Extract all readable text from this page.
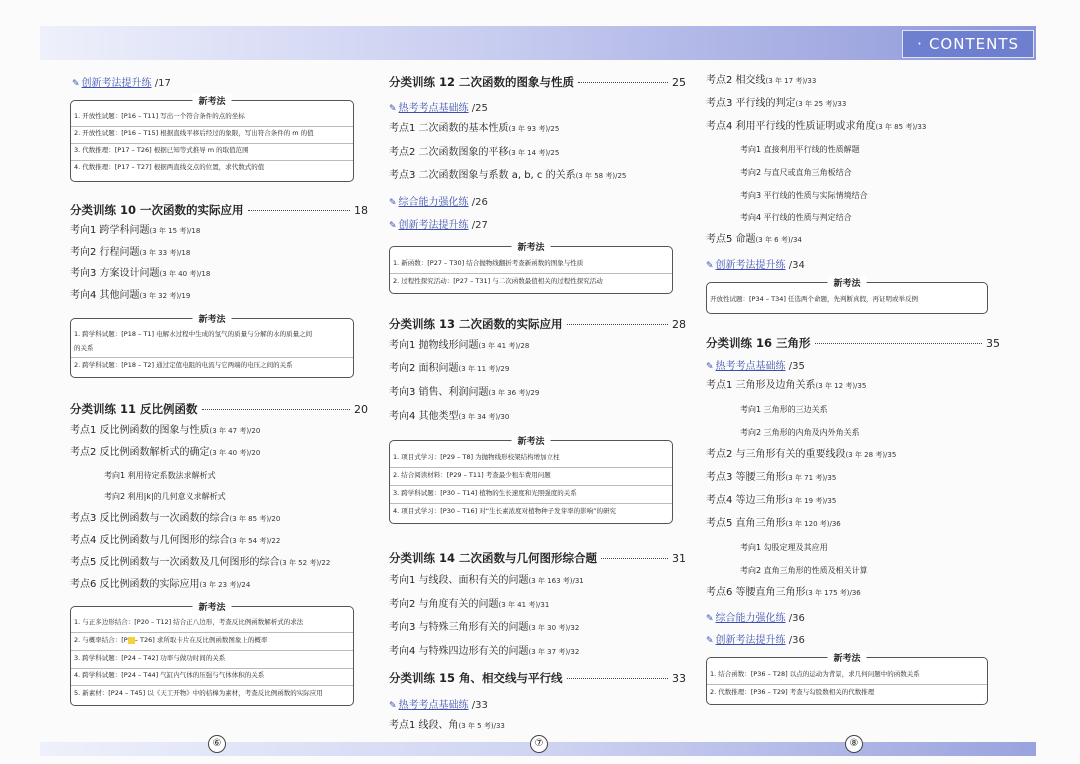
· CONTENTS
✎ 创新考法提升练 /17
新考法
1. 开放性试题：[P16 – T11] 写出一个符合条件的点的坐标
2. 开放性试题：[P16 – T15] 根据直线平移后经过的象限，写出符合条件的 m 的值
3. 代数推理：[P17 – T26] 根据已知等式推导 m 的取值范围
4. 代数推理：[P17 – T27] 根据两直线交点的位置，求代数式的值
分类训练 10 一次函数的实际应用	18
考向1 跨学科问题(3 年 15 考)/18
考向2 行程问题(3 年 33 考)/18
考向3 方案设计问题(3 年 40 考)/18
考向4 其他问题(3 年 32 考)/19
新考法
1. 跨学科试题：[P18 – T1] 电解水过程中生成的氢气的质量与分解的水的质量之间
的关系
2. 跨学科试题：[P18 – T2] 通过定值电阻的电流与它两端的电压之间的关系
分类训练 11 反比例函数	20
考点1 反比例函数的图象与性质(3 年 47 考)/20
考点2 反比例函数解析式的确定(3 年 40 考)/20
考向1 利用待定系数法求解析式
考向2 利用|k|的几何意义求解析式
考点3 反比例函数与一次函数的综合(3 年 85 考)/20
考点4 反比例函数与几何图形的综合(3 年 54 考)/22
考点5 反比例函数与一次函数及几何图形的综合(3 年 52 考)/22
考点6 反比例函数的实际应用(3 年 23 考)/24
新考法
1. 与正多边形结合：[P20 – T12] 结合正八边形，考查反比例函数解析式的求法
2. 与概率结合：[P – T26] 求所取卡片在反比例函数图象上的概率
3. 跨学科试题：[P24 – T42] 功率与做功时间的关系
4. 跨学科试题：[P24 – T44] 气缸内气体的压强与气体体积的关系
5. 新素材：[P24 – T45] 以《天工开物》中的桔槔为素材，考查反比例函数的实际应用
分类训练 12 二次函数的图象与性质	25
✎ 热考考点基础练 /25
考点1 二次函数的基本性质(3 年 93 考)/25
考点2 二次函数图象的平移(3 年 14 考)/25
考点3 二次函数图象与系数 a, b, c 的关系(3 年 58 考)/25
✎ 综合能力强化练 /26
✎ 创新考法提升练 /27
新考法
1. 新函数：[P27 – T30] 结合抛物线翻折考查新函数的图象与性质
2. 过程性探究活动：[P27 – T31] 与二次函数最值相关的过程性探究活动
分类训练 13 二次函数的实际应用	28
考向1 抛物线形问题(3 年 41 考)/28
考向2 面积问题(3 年 11 考)/29
考向3 销售、利润问题(3 年 36 考)/29
考向4 其他类型(3 年 34 考)/30
新考法
1. 项目式学习：[P29 – T8] 为抛物线形校架结构增加立柱
2. 结合阅读材料：[P29 – T11] 考查最少租车费用问题
3. 跨学科试题：[P30 – T14] 植物的生长速度和光照强度的关系
4. 项目式学习：[P30 – T16] 对“生长素浓度对植物种子发芽率的影响”的研究
分类训练 14 二次函数与几何图形综合题	31
考向1 与线段、面积有关的问题(3 年 163 考)/31
考向2 与角度有关的问题(3 年 41 考)/31
考向3 与特殊三角形有关的问题(3 年 30 考)/32
考向4 与特殊四边形有关的问题(3 年 37 考)/32
分类训练 15 角、相交线与平行线	33
✎ 热考考点基础练 /33
考点1 线段、角(3 年 5 考)/33
考点2 相交线(3 年 17 考)/33
考点3 平行线的判定(3 年 25 考)/33
考点4 利用平行线的性质证明或求角度(3 年 85 考)/33
考向1 直接利用平行线的性质解题
考向2 与直尺或直角三角板结合
考向3 平行线的性质与实际情境结合
考向4 平行线的性质与判定结合
考点5 命题(3 年 6 考)/34
✎ 创新考法提升练 /34
新考法
开放性试题：[P34 – T34] 任选两个命题，先判断真假，再证明或举反例
分类训练 16 三角形	35
✎ 热考考点基础练 /35
考点1 三角形及边角关系(3 年 12 考)/35
考向1 三角形的三边关系
考向2 三角形的内角及内外角关系
考点2 与三角形有关的重要线段(3 年 28 考)/35
考点3 等腰三角形(3 年 71 考)/35
考点4 等边三角形(3 年 19 考)/35
考点5 直角三角形(3 年 120 考)/36
考向1 勾股定理及其应用
考向2 直角三角形的性质及相关计算
考点6 等腰直角三角形(3 年 175 考)/36
✎ 综合能力强化练 /36
✎ 创新考法提升练 /36
新考法
1. 结合函数：[P36 – T28] 以点的运动为背景，求几何问题中的函数关系
2. 代数推理：[P36 – T29] 考查与勾股数相关的代数推理
⑥	⑦	⑧
